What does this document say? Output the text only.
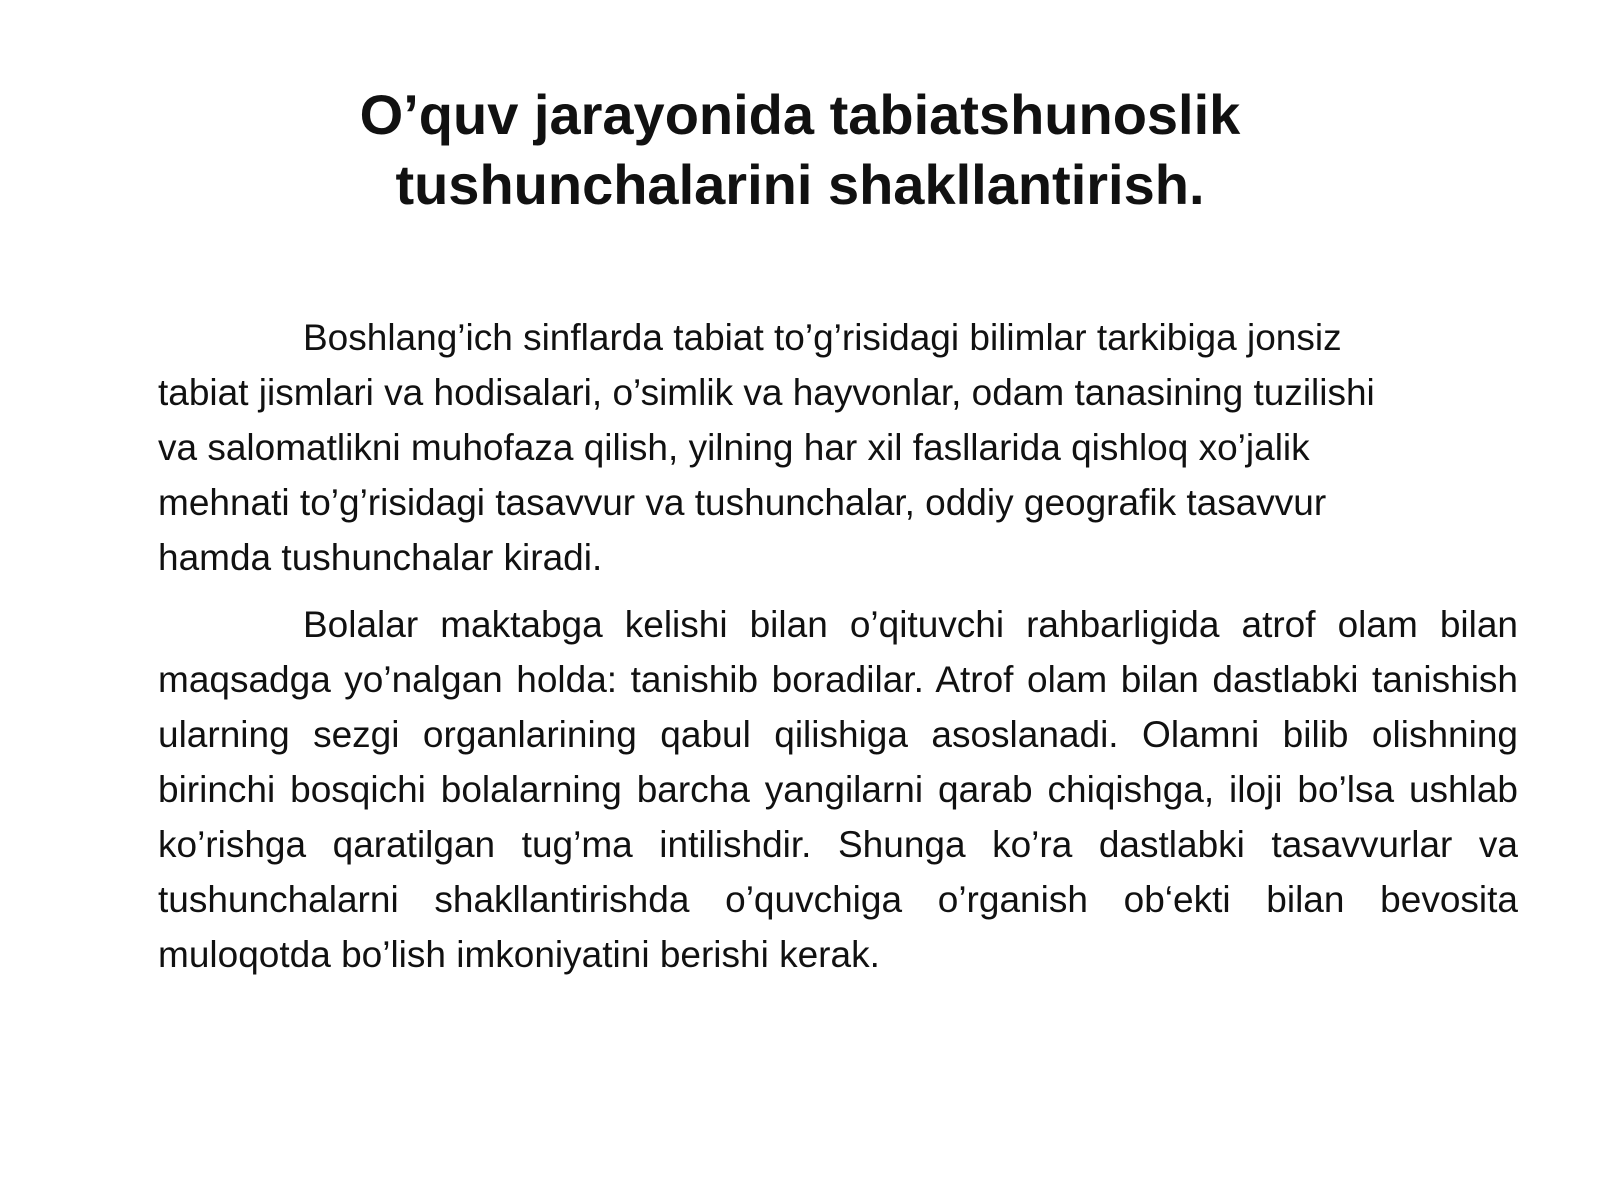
O’quv jarayonida tabiatshunoslik tushunchalarini shakllantirish.

Boshlang’ich sinflarda tabiat to’g’risidagi bilimlar tarkibiga jonsiz tabiat jismlari va hodisalari, o’simlik va hayvonlar, odam tanasining tuzilishi va salomatlikni muhofaza qilish, yilning har xil fasllarida qishloq xo’jalik mehnati to’g’risidagi tasavvur va tushunchalar, oddiy geografik tasavvur hamda tushunchalar kiradi.

Bolalar maktabga kelishi bilan o’qituvchi rahbarligida atrof olam bilan maqsadga yo’nalgan holda: tanishib boradilar. Atrof olam bilan dastlabki tanishish ularning sezgi organlarining qabul qilishiga asoslanadi. Olamni bilib olishning birinchi bosqichi bolalarning barcha yangilarni qarab chiqishga, iloji bo’lsa ushlab ko’rishga qaratilgan tug’ma intilishdir. Shunga ko’ra dastlabki tasavvurlar va tushunchalarni shakllantirishda o’quvchiga o’rganish ob‘ekti bilan bevosita muloqotda bo’lish imkoniyatini berishi kerak.
